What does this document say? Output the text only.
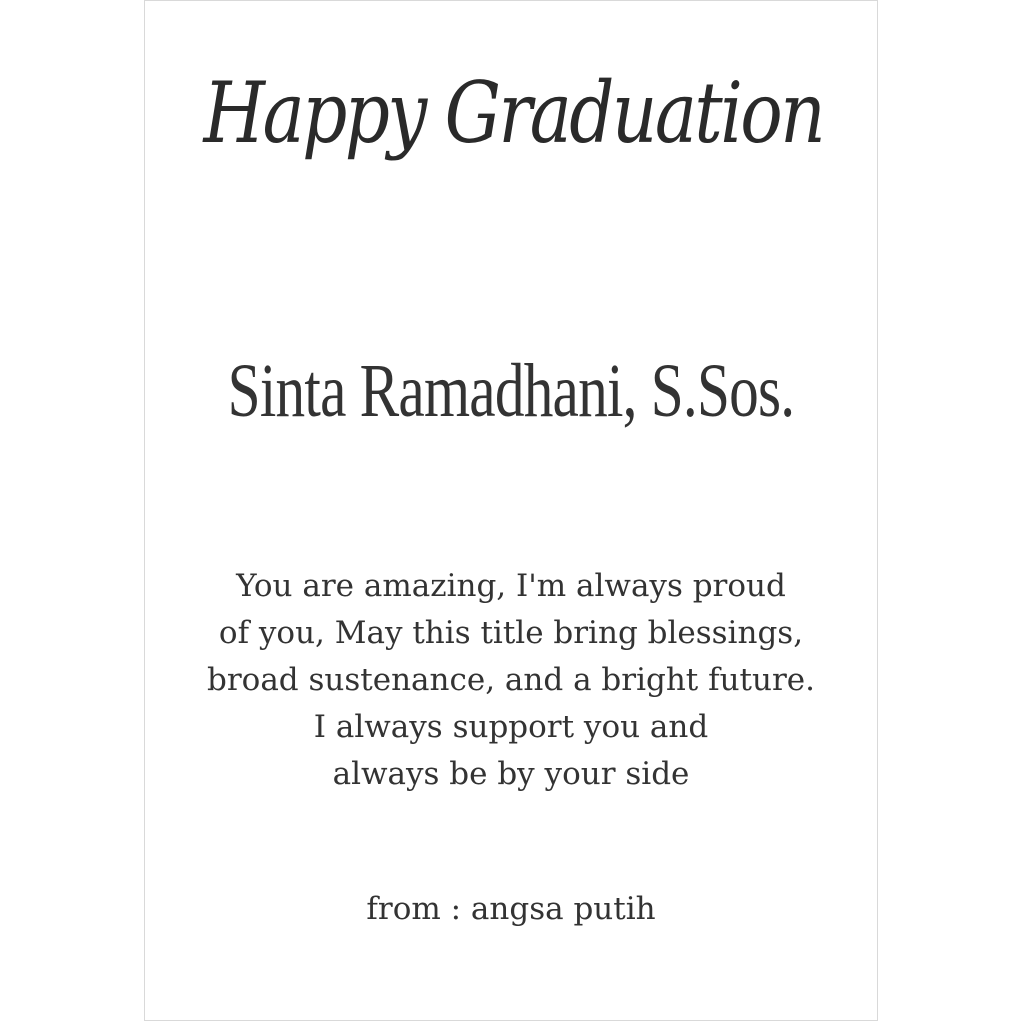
Happy Graduation
Sinta Ramadhani, S.Sos.
You are amazing, I'm always proud
of you, May this title bring blessings,
broad sustenance, and a bright future.
I always support you and
always be by your side
from : angsa putih
